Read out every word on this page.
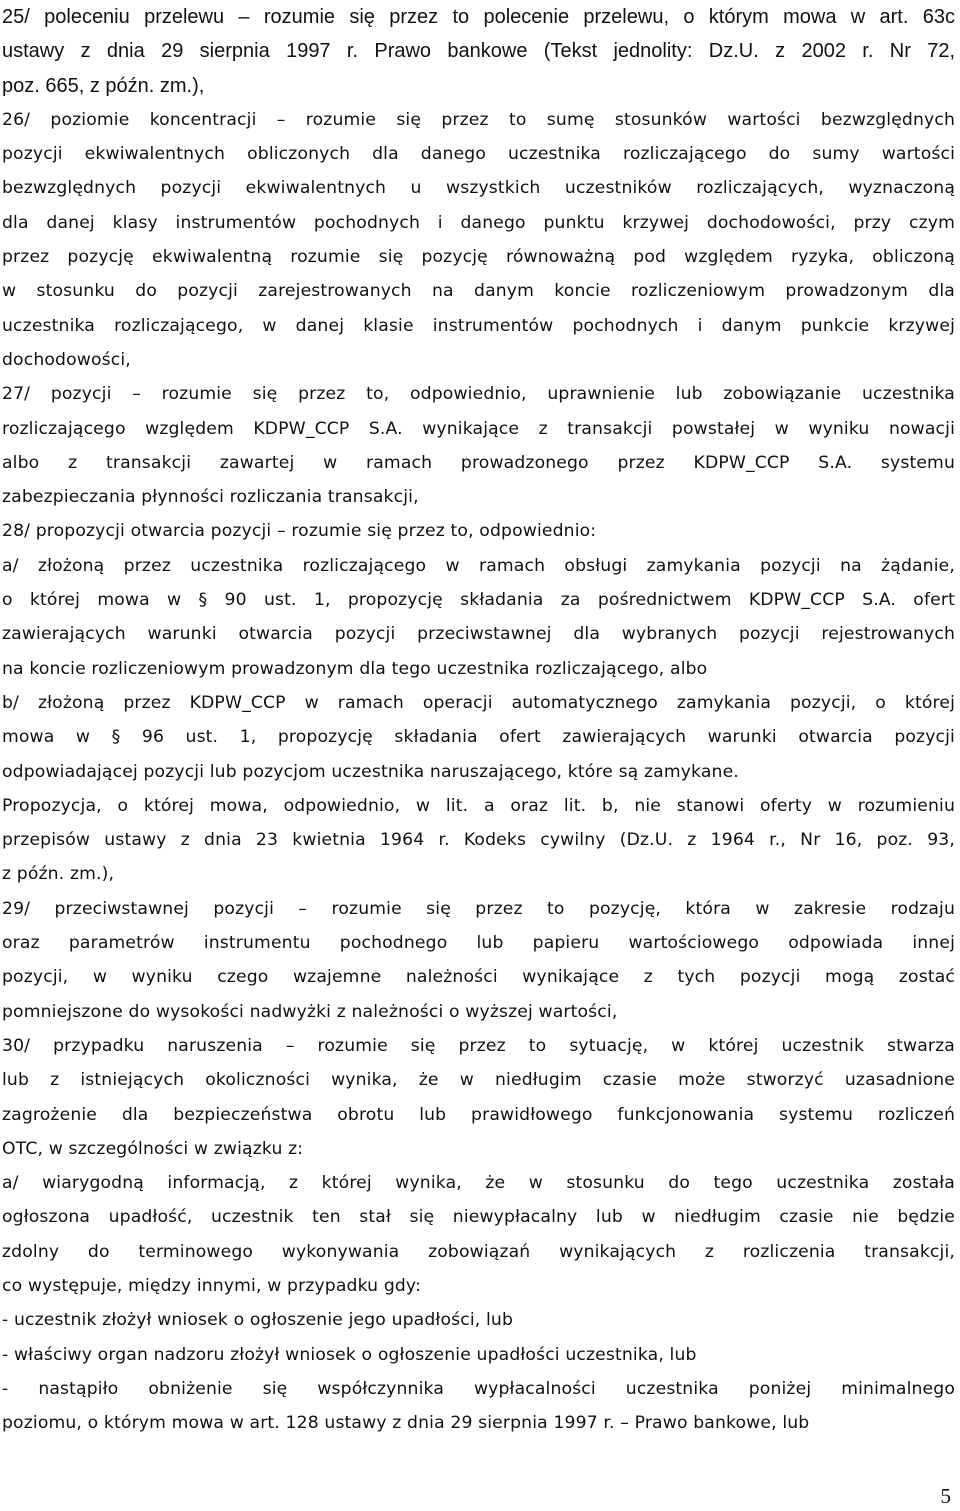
25/ poleceniu przelewu – rozumie się przez to polecenie przelewu, o którym mowa w art. 63c
ustawy z dnia 29 sierpnia 1997 r. Prawo bankowe (Tekst jednolity: Dz.U. z 2002 r. Nr 72,
poz. 665, z późn. zm.),
26/ poziomie koncentracji – rozumie się przez to sumę stosunków wartości bezwzględnych
pozycji ekwiwalentnych obliczonych dla danego uczestnika rozliczającego do sumy wartości
bezwzględnych pozycji ekwiwalentnych u wszystkich uczestników rozliczających, wyznaczoną
dla danej klasy instrumentów pochodnych i danego punktu krzywej dochodowości, przy czym
przez pozycję ekwiwalentną rozumie się pozycję równoważną pod względem ryzyka, obliczoną
w stosunku do pozycji zarejestrowanych na danym koncie rozliczeniowym prowadzonym dla
uczestnika rozliczającego, w danej klasie instrumentów pochodnych i danym punkcie krzywej
dochodowości,
27/ pozycji – rozumie się przez to, odpowiednio, uprawnienie lub zobowiązanie uczestnika
rozliczającego względem KDPW_CCP S.A. wynikające z transakcji powstałej w wyniku nowacji
albo z transakcji zawartej w ramach prowadzonego przez KDPW_CCP S.A. systemu
zabezpieczania płynności rozliczania transakcji,
28/ propozycji otwarcia pozycji – rozumie się przez to, odpowiednio:
a/ złożoną przez uczestnika rozliczającego w ramach obsługi zamykania pozycji na żądanie,
o której mowa w § 90 ust. 1, propozycję składania za pośrednictwem KDPW_CCP S.A. ofert
zawierających warunki otwarcia pozycji przeciwstawnej dla wybranych pozycji rejestrowanych
na koncie rozliczeniowym prowadzonym dla tego uczestnika rozliczającego, albo
b/ złożoną przez KDPW_CCP w ramach operacji automatycznego zamykania pozycji, o której
mowa w § 96 ust. 1, propozycję składania ofert zawierających warunki otwarcia pozycji
odpowiadającej pozycji lub pozycjom uczestnika naruszającego, które są zamykane.
Propozycja, o której mowa, odpowiednio, w lit. a oraz lit. b, nie stanowi oferty w rozumieniu
przepisów ustawy z dnia 23 kwietnia 1964 r. Kodeks cywilny (Dz.U. z 1964 r., Nr 16, poz. 93,
z późn. zm.),
29/ przeciwstawnej pozycji – rozumie się przez to pozycję, która w zakresie rodzaju
oraz parametrów instrumentu pochodnego lub papieru wartościowego odpowiada innej
pozycji, w wyniku czego wzajemne należności wynikające z tych pozycji mogą zostać
pomniejszone do wysokości nadwyżki z należności o wyższej wartości,
30/ przypadku naruszenia – rozumie się przez to sytuację, w której uczestnik stwarza
lub z istniejących okoliczności wynika, że w niedługim czasie może stworzyć uzasadnione
zagrożenie dla bezpieczeństwa obrotu lub prawidłowego funkcjonowania systemu rozliczeń
OTC, w szczególności w związku z:
a/ wiarygodną informacją, z której wynika, że w stosunku do tego uczestnika została
ogłoszona upadłość, uczestnik ten stał się niewypłacalny lub w niedługim czasie nie będzie
zdolny do terminowego wykonywania zobowiązań wynikających z rozliczenia transakcji,
co występuje, między innymi, w przypadku gdy:
- uczestnik złożył wniosek o ogłoszenie jego upadłości, lub
- właściwy organ nadzoru złożył wniosek o ogłoszenie upadłości uczestnika, lub
- nastąpiło obniżenie się współczynnika wypłacalności uczestnika poniżej minimalnego
poziomu, o którym mowa w art. 128 ustawy z dnia 29 sierpnia 1997 r. – Prawo bankowe, lub
5
